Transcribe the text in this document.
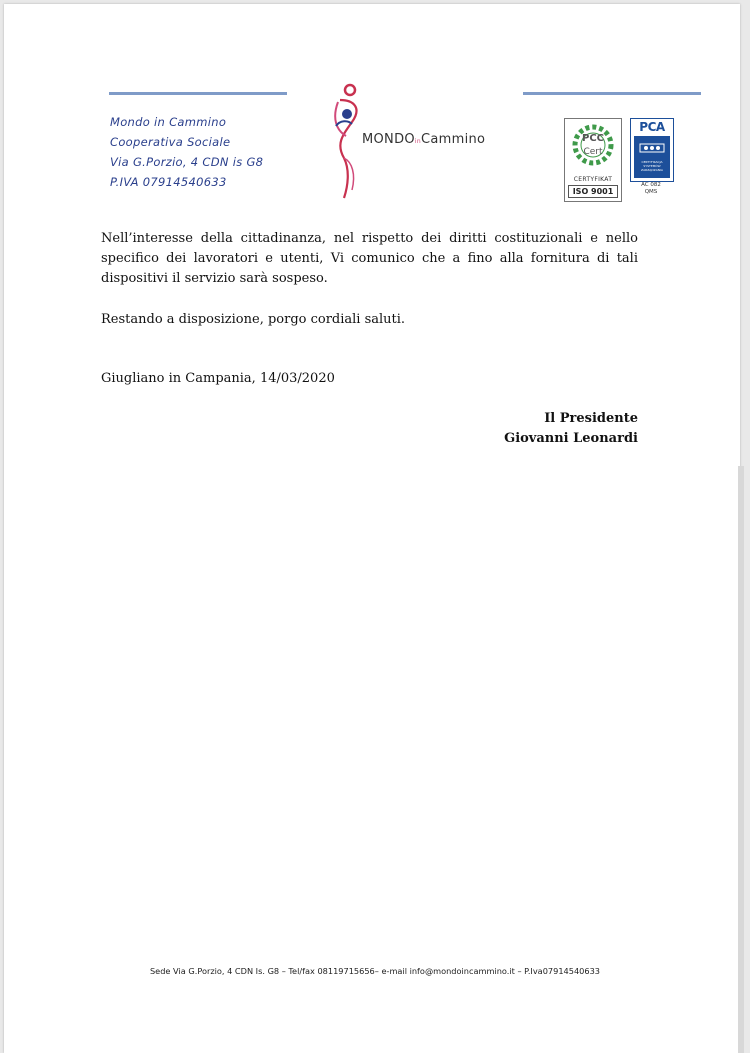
Mondo in Cammino
Cooperativa Sociale
Via G.Porzio, 4 CDN is G8
P.IVA 07914540633
MONDOinCammino	PCC
Cert
CERTYFIKAT
ISO 9001
PCA
CERTYFIKACJA SYSTEMÓW ZARZĄDZANIA
AC 082
QMS

Nell’interesse della cittadinanza, nel rispetto dei diritti costituzionali e nello specifico dei lavoratori e utenti, Vi comunico che a fino alla fornitura di tali dispositivi il servizio sarà sospeso.

Restando a disposizione, porgo cordiali saluti.

Giugliano in Campania, 14/03/2020

Il Presidente
Giovanni Leonardi
Sede Via G.Porzio, 4 CDN Is. G8 – Tel/fax 08119715656– e-mail info@mondoincammino.it – P.Iva07914540633
